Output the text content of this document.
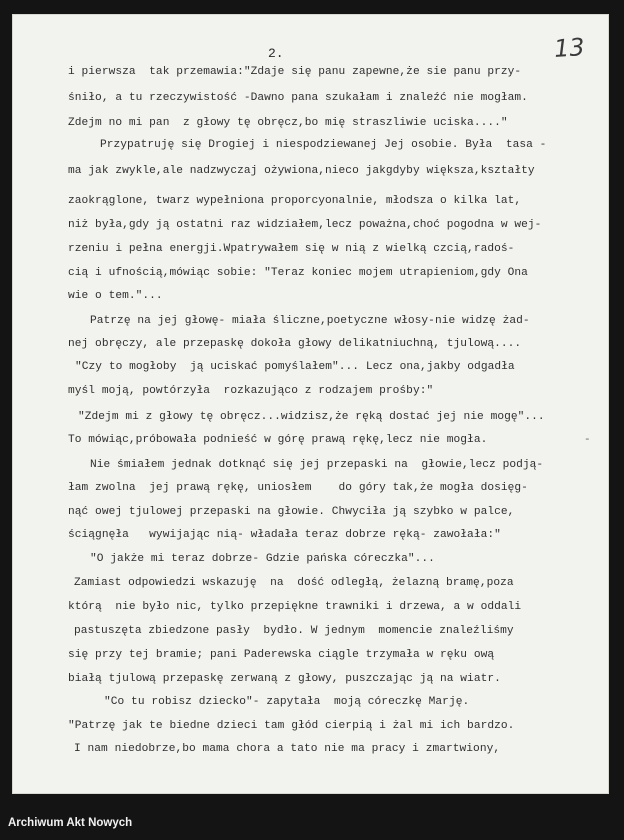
2.	13
i pierwsza  tak przemawia:"Zdaje się panu zapewne,że sie panu przy-
śniło, a tu rzeczywistość -Dawno pana szukałam i znaleźć nie mogłam.
Zdejm no mi pan  z głowy tę obręcz,bo mię straszliwie uciska...."
Przypatruję się Drogiej i niespodziewanej Jej osobie. Była  tasa -
ma jak zwykle,ale nadzwyczaj ożywiona,nieco jakgdyby większa,kształty
zaokrąglone, twarz wypełniona proporcyonalnie, młodsza o kilka lat,
niż była,gdy ją ostatni raz widziałem,lecz poważna,choć pogodna w wej-
rzeniu i pełna energji.Wpatrywałem się w nią z wielką czcią,radoś-
cią i ufnością,mówiąc sobie: "Teraz koniec mojem utrapieniom,gdy Ona
wie o tem."...
Patrzę na jej głowę- miała śliczne,poetyczne włosy-nie widzę żad-
nej obręczy, ale przepaskę dokoła głowy delikatniuchną, tjulową....
"Czy to mogłoby  ją uciskać pomyślałem"... Lecz ona,jakby odgadła
myśl moją, powtórzyła  rozkazująco z rodzajem prośby:"
"Zdejm mi z głowy tę obręcz...widzisz,że ręką dostać jej nie mogę"...
To mówiąc,próbowała podnieść w górę prawą rękę,lecz nie mogła.	-
Nie śmiałem jednak dotknąć się jej przepaski na  głowie,lecz podją-
łam zwolna  jej prawą rękę, uniosłem    do góry tak,że mogła dosięg-
nąć owej tjulowej przepaski na głowie. Chwyciła ją szybko w palce,
ściągnęła   wywijając nią- władała teraz dobrze ręką- zawołała:"
"O jakże mi teraz dobrze- Gdzie pańska córeczka"...
Zamiast odpowiedzi wskazuję  na  dość odległą, żelazną bramę,poza
którą  nie było nic, tylko przepiękne trawniki i drzewa, a w oddali
pastuszęta zbiedzone pasły  bydło. W jednym  momencie znaleźliśmy
się przy tej bramie; pani Paderewska ciągle trzymała w ręku ową
białą tjulową przepaskę zerwaną z głowy, puszczając ją na wiatr.
"Co tu robisz dziecko"- zapytała  moją córeczkę Marję.
"Patrzę jak te biedne dzieci tam głód cierpią i żal mi ich bardzo.
I nam niedobrze,bo mama chora a tato nie ma pracy i zmartwiony,
Archiwum Akt Nowych
